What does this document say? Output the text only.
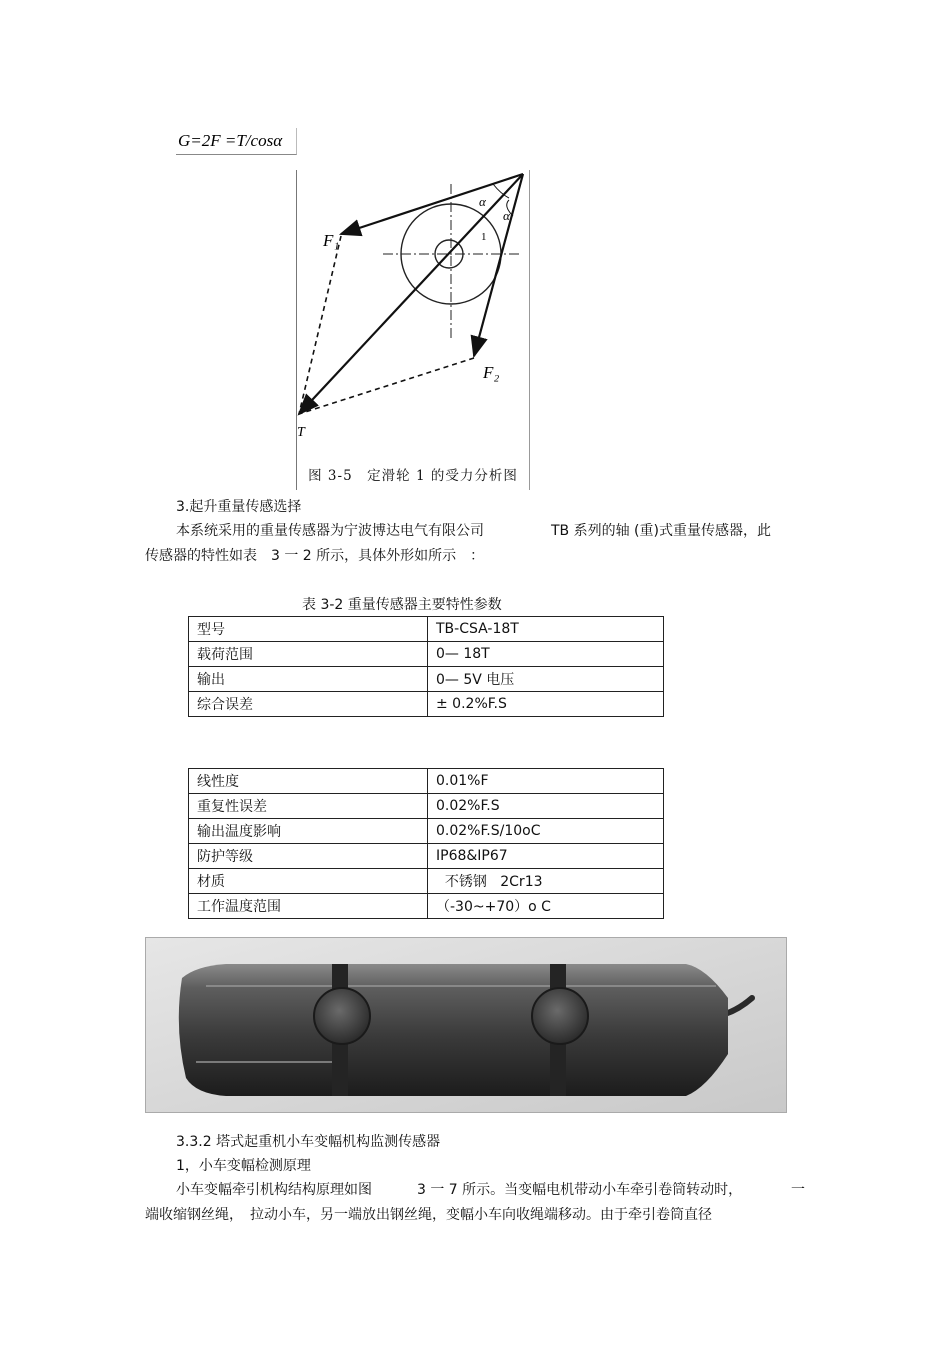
G=2F =T/cosα
α
α
1
F₁
F₂
T
图 3-5　定滑轮 1 的受力分析图
3.起升重量传感选择
本系统采用的重量传感器为宁波博达电气有限公司	TB 系列的轴 (重)式重量传感器，此
传感器的特性如表　3 一 2 所示，具体外形如所示　：
表 3-2 重量传感器主要特性参数
型号	TB-CSA-18T
载荷范围	0— 18T
输出	0— 5V 电压
综合误差	± 0.2%F.S
线性度	0.01%F
重复性误差	0.02%F.S
输出温度影响	0.02%F.S/10oC
防护等级	IP68&IP67
材质	不锈钢   2Cr13
工作温度范围	（-30~+70）o C
3.3.2 塔式起重机小车变幅机构监测传感器
1，小车变幅检测原理
小车变幅牵引机构结构原理如图	3 一 7 所示。当变幅电机带动小车牵引卷筒转动时，	一
端收缩钢丝绳，　拉动小车，另一端放出钢丝绳，变幅小车向收绳端移动。由于牵引卷筒直径
